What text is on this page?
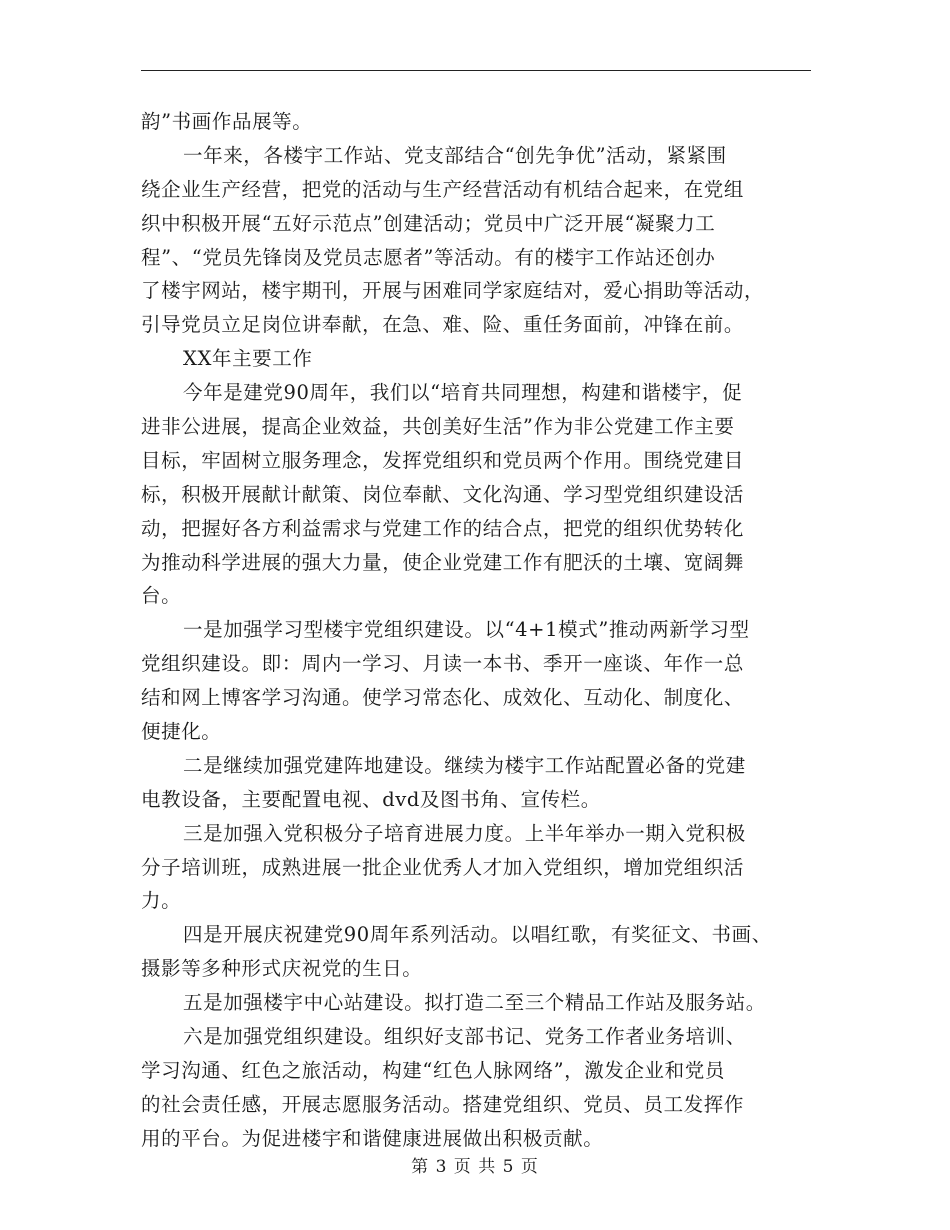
韵”书画作品展等。
一年来，各楼宇工作站、党支部结合“创先争优”活动，紧紧围
绕企业生产经营，把党的活动与生产经营活动有机结合起来，在党组
织中积极开展“五好示范点”创建活动；党员中广泛开展“凝聚力工
程”、“党员先锋岗及党员志愿者”等活动。有的楼宇工作站还创办
了楼宇网站，楼宇期刊，开展与困难同学家庭结对，爱心捐助等活动，
引导党员立足岗位讲奉献，在急、难、险、重任务面前，冲锋在前。
XX年主要工作
今年是建党90周年，我们以“培育共同理想，构建和谐楼宇，促
进非公进展，提高企业效益，共创美好生活”作为非公党建工作主要
目标，牢固树立服务理念，发挥党组织和党员两个作用。围绕党建目
标，积极开展献计献策、岗位奉献、文化沟通、学习型党组织建设活
动，把握好各方利益需求与党建工作的结合点，把党的组织优势转化
为推动科学进展的强大力量，使企业党建工作有肥沃的土壤、宽阔舞
台。
一是加强学习型楼宇党组织建设。以“4+1模式”推动两新学习型
党组织建设。即：周内一学习、月读一本书、季开一座谈、年作一总
结和网上博客学习沟通。使学习常态化、成效化、互动化、制度化、
便捷化。
二是继续加强党建阵地建设。继续为楼宇工作站配置必备的党建
电教设备，主要配置电视、dvd及图书角、宣传栏。
三是加强入党积极分子培育进展力度。上半年举办一期入党积极
分子培训班，成熟进展一批企业优秀人才加入党组织，增加党组织活
力。
四是开展庆祝建党90周年系列活动。以唱红歌，有奖征文、书画、
摄影等多种形式庆祝党的生日。
五是加强楼宇中心站建设。拟打造二至三个精品工作站及服务站。
六是加强党组织建设。组织好支部书记、党务工作者业务培训、
学习沟通、红色之旅活动，构建“红色人脉网络”，激发企业和党员
的社会责任感，开展志愿服务活动。搭建党组织、党员、员工发挥作
用的平台。为促进楼宇和谐健康进展做出积极贡献。
第 3 页 共 5 页
